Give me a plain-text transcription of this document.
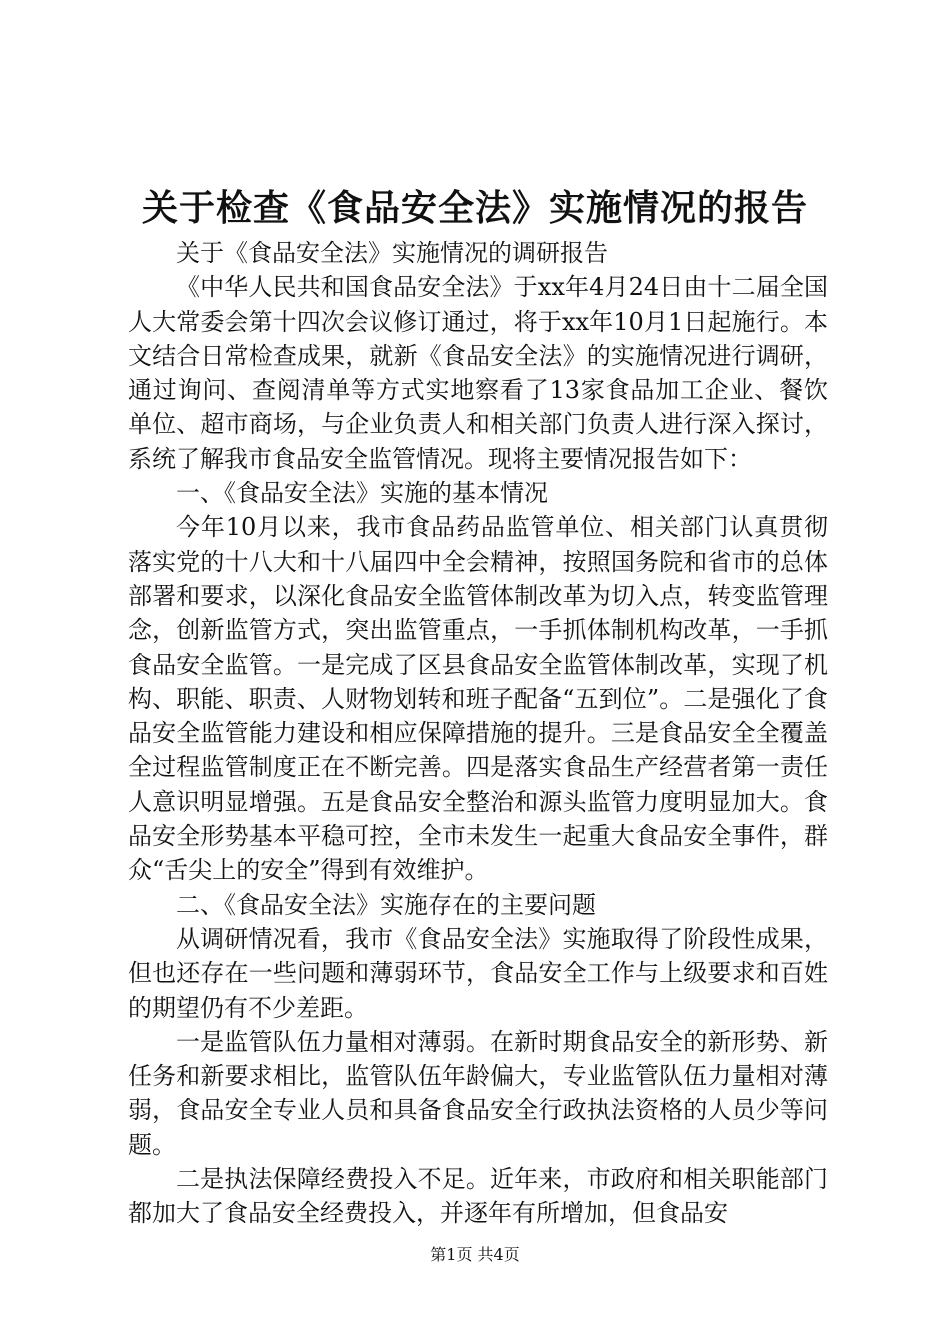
关于检查《食品安全法》实施情况的报告

关于《食品安全法》实施情况的调研报告

《中华人民共和国食品安全法》于xx年4月24日由十二届全国人大常委会第十四次会议修订通过，将于xx年10月1日起施行。本文结合日常检查成果，就新《食品安全法》的实施情况进行调研，通过询问、查阅清单等方式实地察看了13家食品加工企业、餐饮单位、超市商场，与企业负责人和相关部门负责人进行深入探讨，系统了解我市食品安全监管情况。现将主要情况报告如下：

一、《食品安全法》实施的基本情况

今年10月以来，我市食品药品监管单位、相关部门认真贯彻落实党的十八大和十八届四中全会精神，按照国务院和省市的总体部署和要求，以深化食品安全监管体制改革为切入点，转变监管理念，创新监管方式，突出监管重点，一手抓体制机构改革，一手抓食品安全监管。一是完成了区县食品安全监管体制改革，实现了机构、职能、职责、人财物划转和班子配备“五到位”。二是强化了食品安全监管能力建设和相应保障措施的提升。三是食品安全全覆盖全过程监管制度正在不断完善。四是落实食品生产经营者第一责任人意识明显增强。五是食品安全整治和源头监管力度明显加大。食品安全形势基本平稳可控，全市未发生一起重大食品安全事件，群众“舌尖上的安全”得到有效维护。

二、《食品安全法》实施存在的主要问题

从调研情况看，我市《食品安全法》实施取得了阶段性成果，但也还存在一些问题和薄弱环节，食品安全工作与上级要求和百姓的期望仍有不少差距。

一是监管队伍力量相对薄弱。在新时期食品安全的新形势、新任务和新要求相比，监管队伍年龄偏大，专业监管队伍力量相对薄弱，食品安全专业人员和具备食品安全行政执法资格的人员少等问题。

二是执法保障经费投入不足。近年来，市政府和相关职能部门都加大了食品安全经费投入，并逐年有所增加，但食品安

第1页 共4页
